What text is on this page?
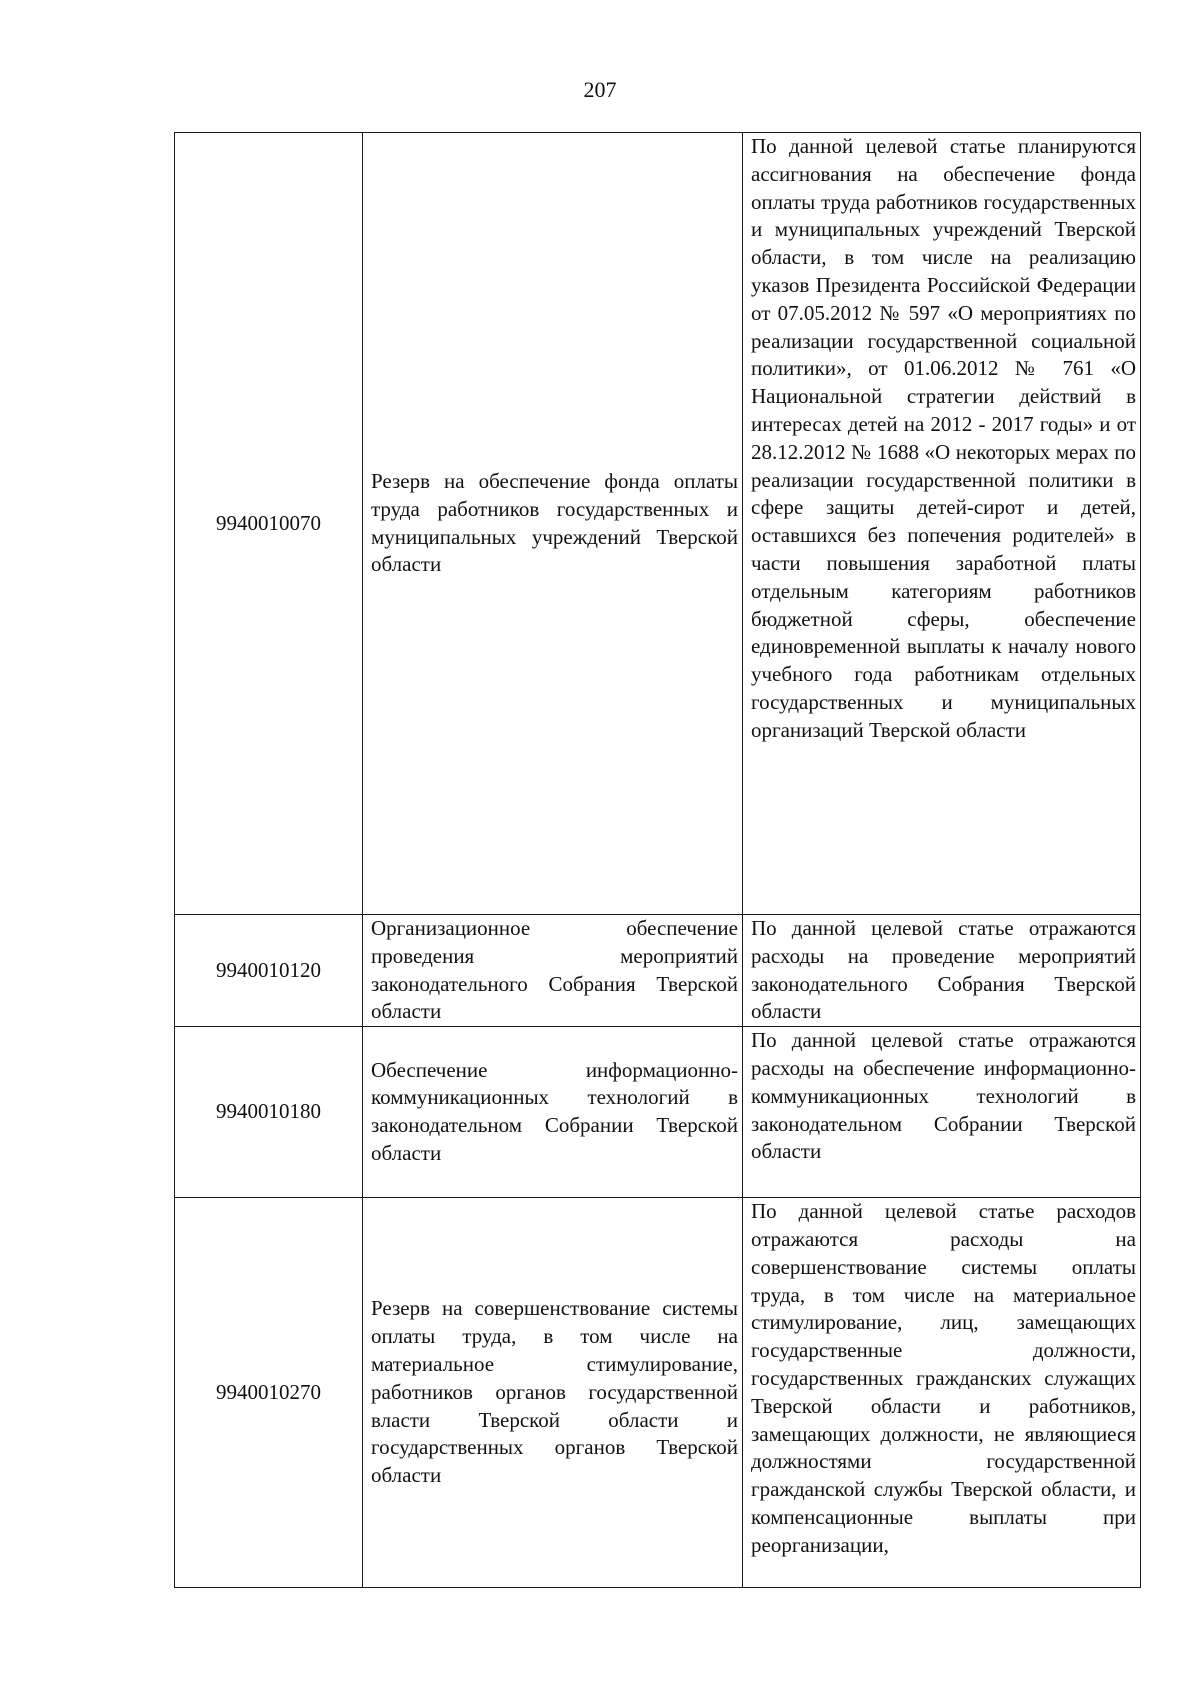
207
9940010070	Резерв на обеспечение фонда оплаты труда работников государственных и муниципальных учреждений Тверской области	По данной целевой статье планируются ассигнования на обеспечение фонда оплаты труда работников государственных и муниципальных учреждений Тверской области, в том числе на реализацию указов Президента Российской Федерации от 07.05.2012 № 597 «О мероприятиях по реализации государственной социальной политики», от 01.06.2012 № 761 «О Национальной стратегии действий в интересах детей на 2012 - 2017 годы» и от 28.12.2012 № 1688 «О некоторых мерах по реализации государственной политики в сфере защиты детей-сирот и детей, оставшихся без попечения родителей» в части повышения заработной платы отдельным категориям работников бюджетной сферы, обеспечение единовременной выплаты к началу нового учебного года работникам отдельных государственных и муниципальных организаций Тверской области
9940010120	Организационное обеспечение проведения мероприятий законодательного Собрания Тверской области	По данной целевой статье отражаются расходы на проведение мероприятий законодательного Собрания Тверской области
9940010180	Обеспечение информационно-коммуникационных технологий в законодательном Собрании Тверской области	По данной целевой статье отражаются расходы на обеспечение информационно-коммуникационных технологий в законодательном Собрании Тверской области
9940010270	Резерв на совершенствование системы оплаты труда, в том числе на материальное стимулирование, работников органов государственной власти Тверской области и государственных органов Тверской области	По данной целевой статье расходов отражаются расходы на совершенствование системы оплаты труда, в том числе на материальное стимулирование, лиц, замещающих государственные должности, государственных гражданских служащих Тверской области и работников, замещающих должности, не являющиеся должностями государственной гражданской службы Тверской области, и компенсационные выплаты при реорганизации,
